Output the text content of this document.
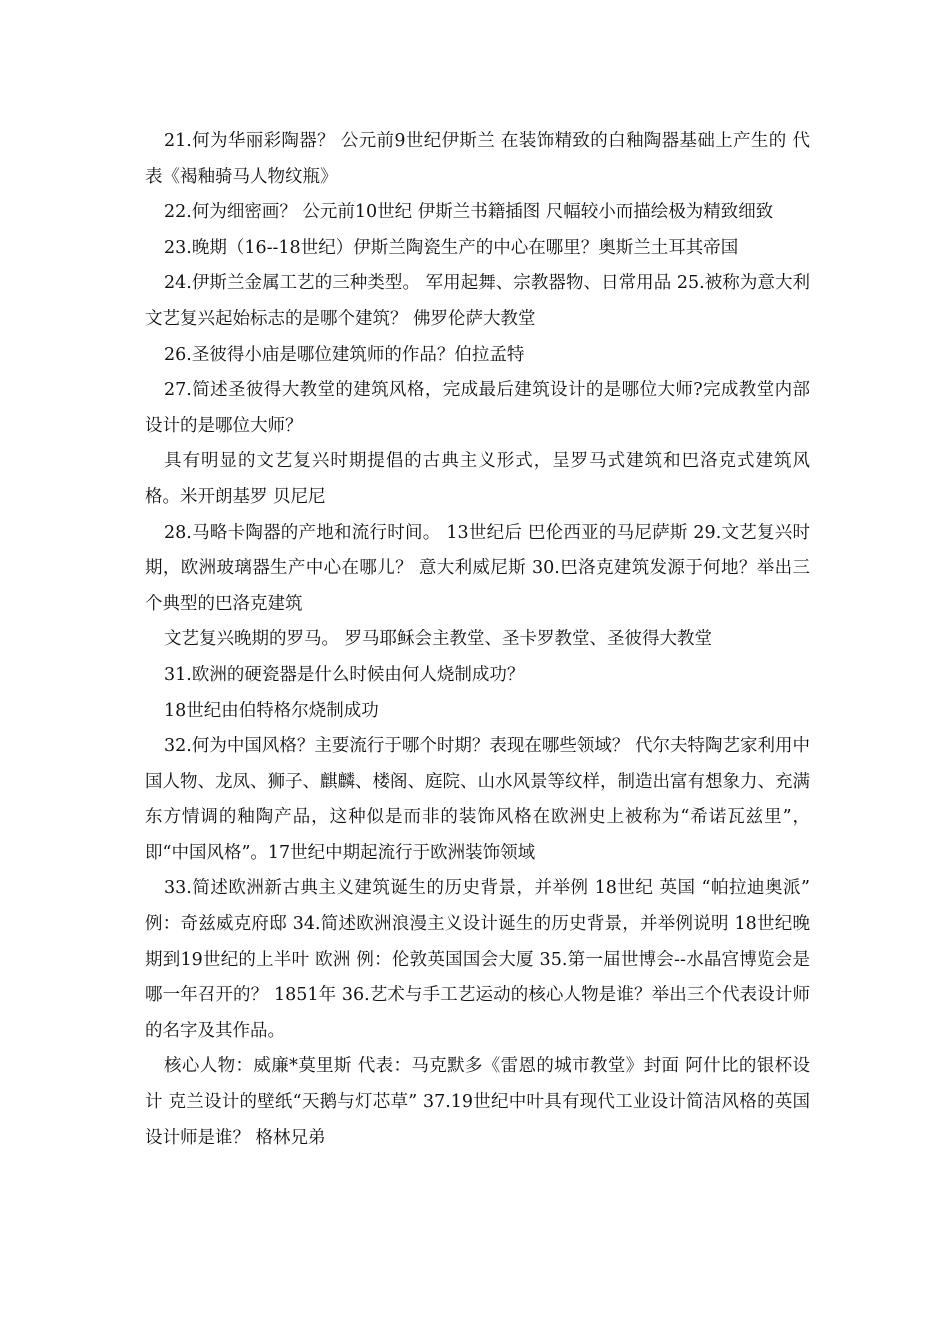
21.何为华丽彩陶器？ 公元前9世纪伊斯兰 在装饰精致的白釉陶器基础上产生的 代表《褐釉骑马人物纹瓶》

22.何为细密画？ 公元前10世纪 伊斯兰书籍插图 尺幅较小而描绘极为精致细致

23.晚期（16--18世纪）伊斯兰陶瓷生产的中心在哪里？奥斯兰土耳其帝国

24.伊斯兰金属工艺的三种类型。 军用起舞、宗教器物、日常用品 25.被称为意大利文艺复兴起始标志的是哪个建筑？ 佛罗伦萨大教堂

26.圣彼得小庙是哪位建筑师的作品？伯拉孟特

27.简述圣彼得大教堂的建筑风格，完成最后建筑设计的是哪位大师?完成教堂内部设计的是哪位大师？

具有明显的文艺复兴时期提倡的古典主义形式，呈罗马式建筑和巴洛克式建筑风格。米开朗基罗 贝尼尼

28.马略卡陶器的产地和流行时间。 13世纪后 巴伦西亚的马尼萨斯 29.文艺复兴时期，欧洲玻璃器生产中心在哪儿？ 意大利威尼斯 30.巴洛克建筑发源于何地？举出三个典型的巴洛克建筑

文艺复兴晚期的罗马。 罗马耶稣会主教堂、圣卡罗教堂、圣彼得大教堂

31.欧洲的硬瓷器是什么时候由何人烧制成功？

18世纪由伯特格尔烧制成功

32.何为中国风格？主要流行于哪个时期？表现在哪些领域？ 代尔夫特陶艺家利用中国人物、龙凤、狮子、麒麟、楼阁、庭院、山水风景等纹样，制造出富有想象力、充满东方情调的釉陶产品，这种似是而非的装饰风格在欧洲史上被称为“希诺瓦兹里”，即“中国风格”。17世纪中期起流行于欧洲装饰领域

33.简述欧洲新古典主义建筑诞生的历史背景，并举例 18世纪 英国 “帕拉迪奥派” 例：奇兹威克府邸 34.简述欧洲浪漫主义设计诞生的历史背景，并举例说明 18世纪晚期到19世纪的上半叶 欧洲 例：伦敦英国国会大厦 35.第一届世博会--水晶宫博览会是哪一年召开的？ 1851年 36.艺术与手工艺运动的核心人物是谁？举出三个代表设计师的名字及其作品。

核心人物：威廉*莫里斯 代表：马克默多《雷恩的城市教堂》封面 阿什比的银杯设计 克兰设计的壁纸“天鹅与灯芯草” 37.19世纪中叶具有现代工业设计简洁风格的英国设计师是谁？ 格林兄弟
